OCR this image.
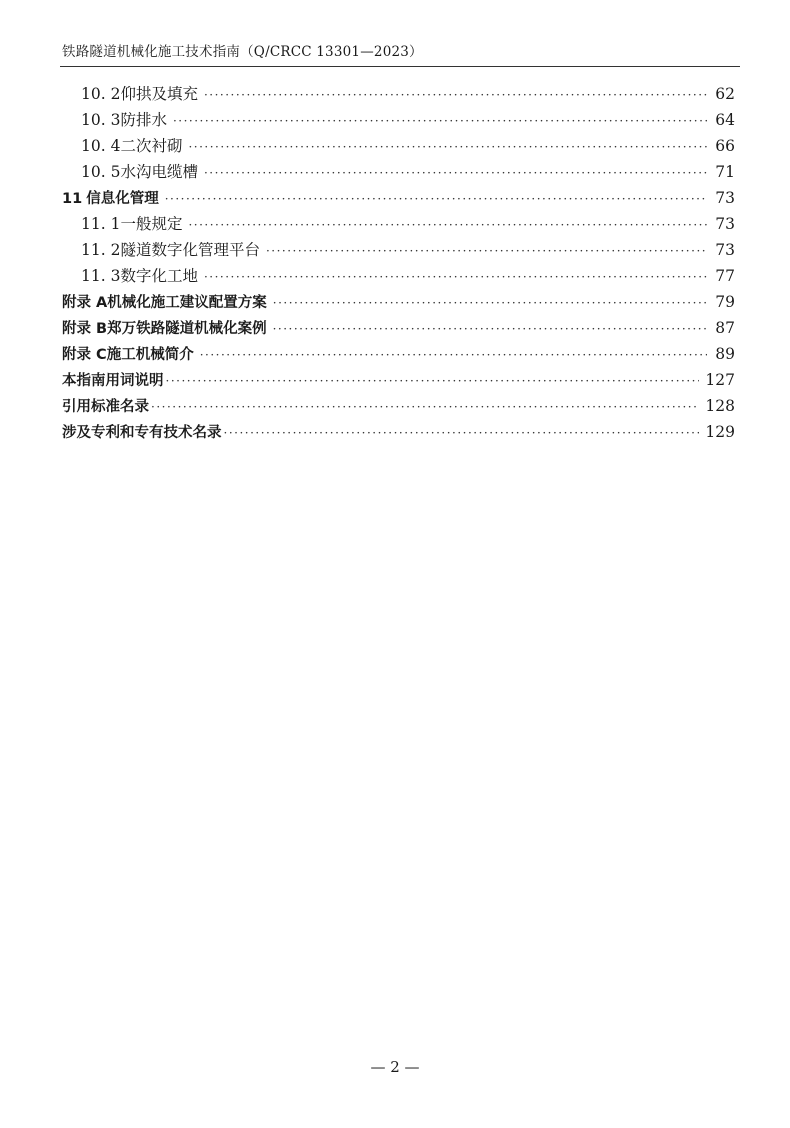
铁路隧道机械化施工技术指南（Q/CRCC 13301—2023）
10. 2 仰拱及填充 ·····	62
10. 3 防排水 ·····	64
10. 4 二次衬砌 ·····	66
10. 5 水沟电缆槽 ·····	71
11 信息化管理 ·····	73
11. 1 一般规定 ·····	73
11. 2 隧道数字化管理平台 ·····	73
11. 3 数字化工地 ·····	77
附录 A 机械化施工建议配置方案 ·····	79
附录 B 郑万铁路隧道机械化案例 ·····	87
附录 C 施工机械简介 ·····	89
本指南用词说明 ·····	127
引用标准名录 ·····	128
涉及专利和专有技术名录 ·····	129
— 2 —
